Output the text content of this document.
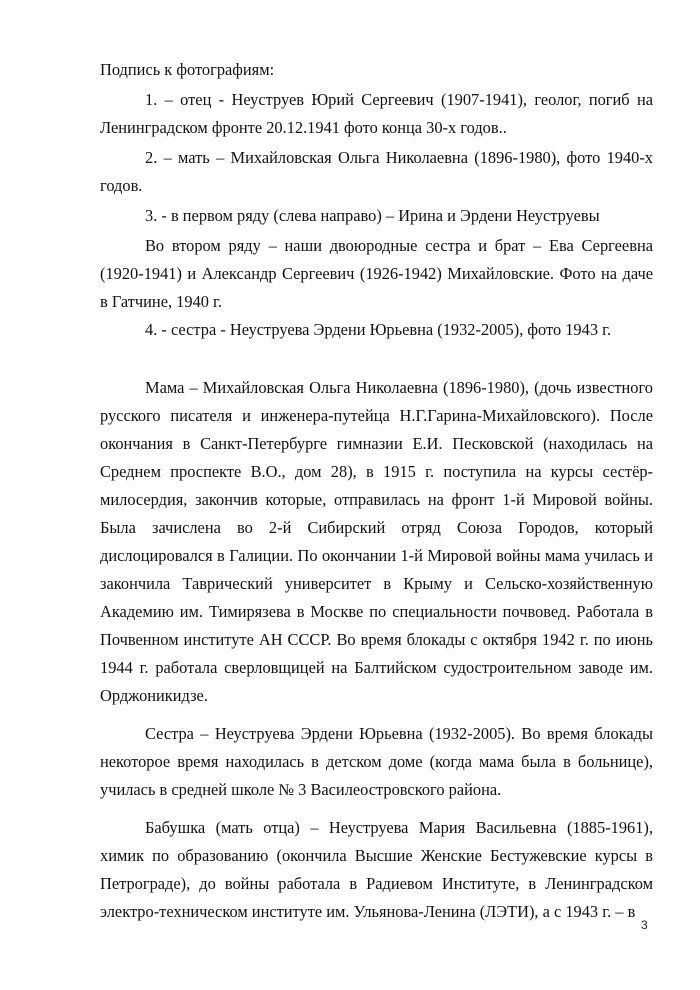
Подпись к фотографиям:

1. – отец - Неуструев Юрий Сергеевич (1907-1941), геолог, погиб на Ленинградском фронте 20.12.1941 фото конца 30-х годов..

2. – мать – Михайловская Ольга Николаевна (1896-1980), фото 1940-х годов.

3. - в первом ряду (слева направо) – Ирина и Эрдени Неуструевы

Во втором ряду – наши двоюродные сестра и брат – Ева Сергеевна (1920-1941) и Александр Сергеевич (1926-1942) Михайловские. Фото на даче в Гатчине, 1940 г.

4. - сестра - Неуструева Эрдени Юрьевна (1932-2005), фото 1943 г.

Мама – Михайловская Ольга Николаевна (1896-1980), (дочь известного русского писателя и инженера-путейца Н.Г.Гарина-Михайловского). После окончания в Санкт-Петербурге гимназии Е.И. Песковской (находилась на Среднем проспекте В.О., дом 28), в 1915 г. поступила на курсы сестёр-милосердия, закончив которые, отправилась на фронт 1-й Мировой войны. Была зачислена во 2-й Сибирский отряд Союза Городов, который дислоцировался в Галиции. По окончании 1-й Мировой войны мама училась и закончила Таврический университет в Крыму и Сельско-хозяйственную Академию им. Тимирязева в Москве по специальности почвовед. Работала в Почвенном институте АН СССР. Во время блокады с октября 1942 г. по июнь 1944 г. работала сверловщицей на Балтийском судостроительном заводе им. Орджоникидзе.

Сестра – Неуструева Эрдени Юрьевна (1932-2005). Во время блокады некоторое время находилась в детском доме (когда мама была в больнице), училась в средней школе № 3 Василеостровского района.

Бабушка (мать отца) – Неуструева Мария Васильевна (1885-1961), химик по образованию (окончила Высшие Женские Бестужевские курсы в Петрограде), до войны работала в Радиевом Институте, в Ленинградском электро-техническом институте им. Ульянова-Ленина (ЛЭТИ), а с 1943 г. – в

3
